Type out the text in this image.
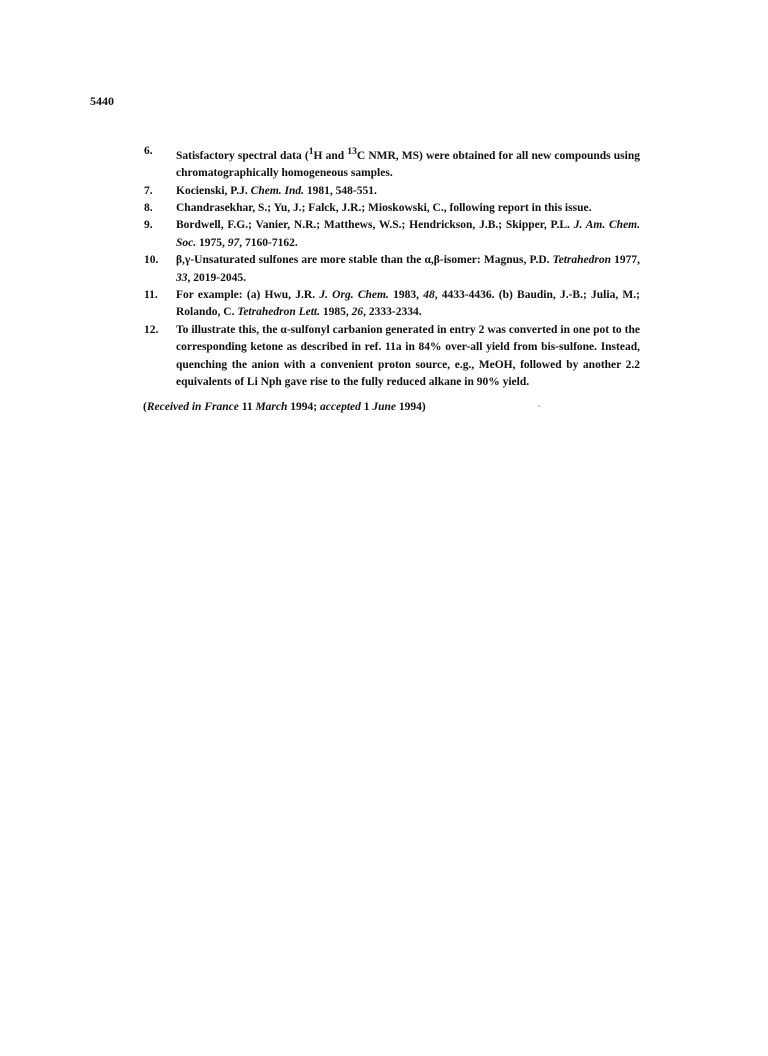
5440
6. Satisfactory spectral data ($^1$H and $^{13}$C NMR, MS) were obtained for all new compounds using chromatographically homogeneous samples.
7. Kocienski, P.J. Chem. Ind. 1981, 548-551.
8. Chandrasekhar, S.; Yu, J.; Falck, J.R.; Mioskowski, C., following report in this issue.
9. Bordwell, F.G.; Vanier, N.R.; Matthews, W.S.; Hendrickson, J.B.; Skipper, P.L. J. Am. Chem. Soc. 1975, 97, 7160-7162.
10. β,γ-Unsaturated sulfones are more stable than the α,β-isomer: Magnus, P.D. Tetrahedron 1977, 33, 2019-2045.
11. For example: (a) Hwu, J.R. J. Org. Chem. 1983, 48, 4433-4436. (b) Baudin, J.-B.; Julia, M.; Rolando, C. Tetrahedron Lett. 1985, 26, 2333-2334.
12. To illustrate this, the α-sulfonyl carbanion generated in entry 2 was converted in one pot to the corresponding ketone as described in ref. 11a in 84% over-all yield from bis-sulfone. Instead, quenching the anion with a convenient proton source, e.g., MeOH, followed by another 2.2 equivalents of Li Nph gave rise to the fully reduced alkane in 90% yield.
(Received in France 11 March 1994; accepted 1 June 1994)
